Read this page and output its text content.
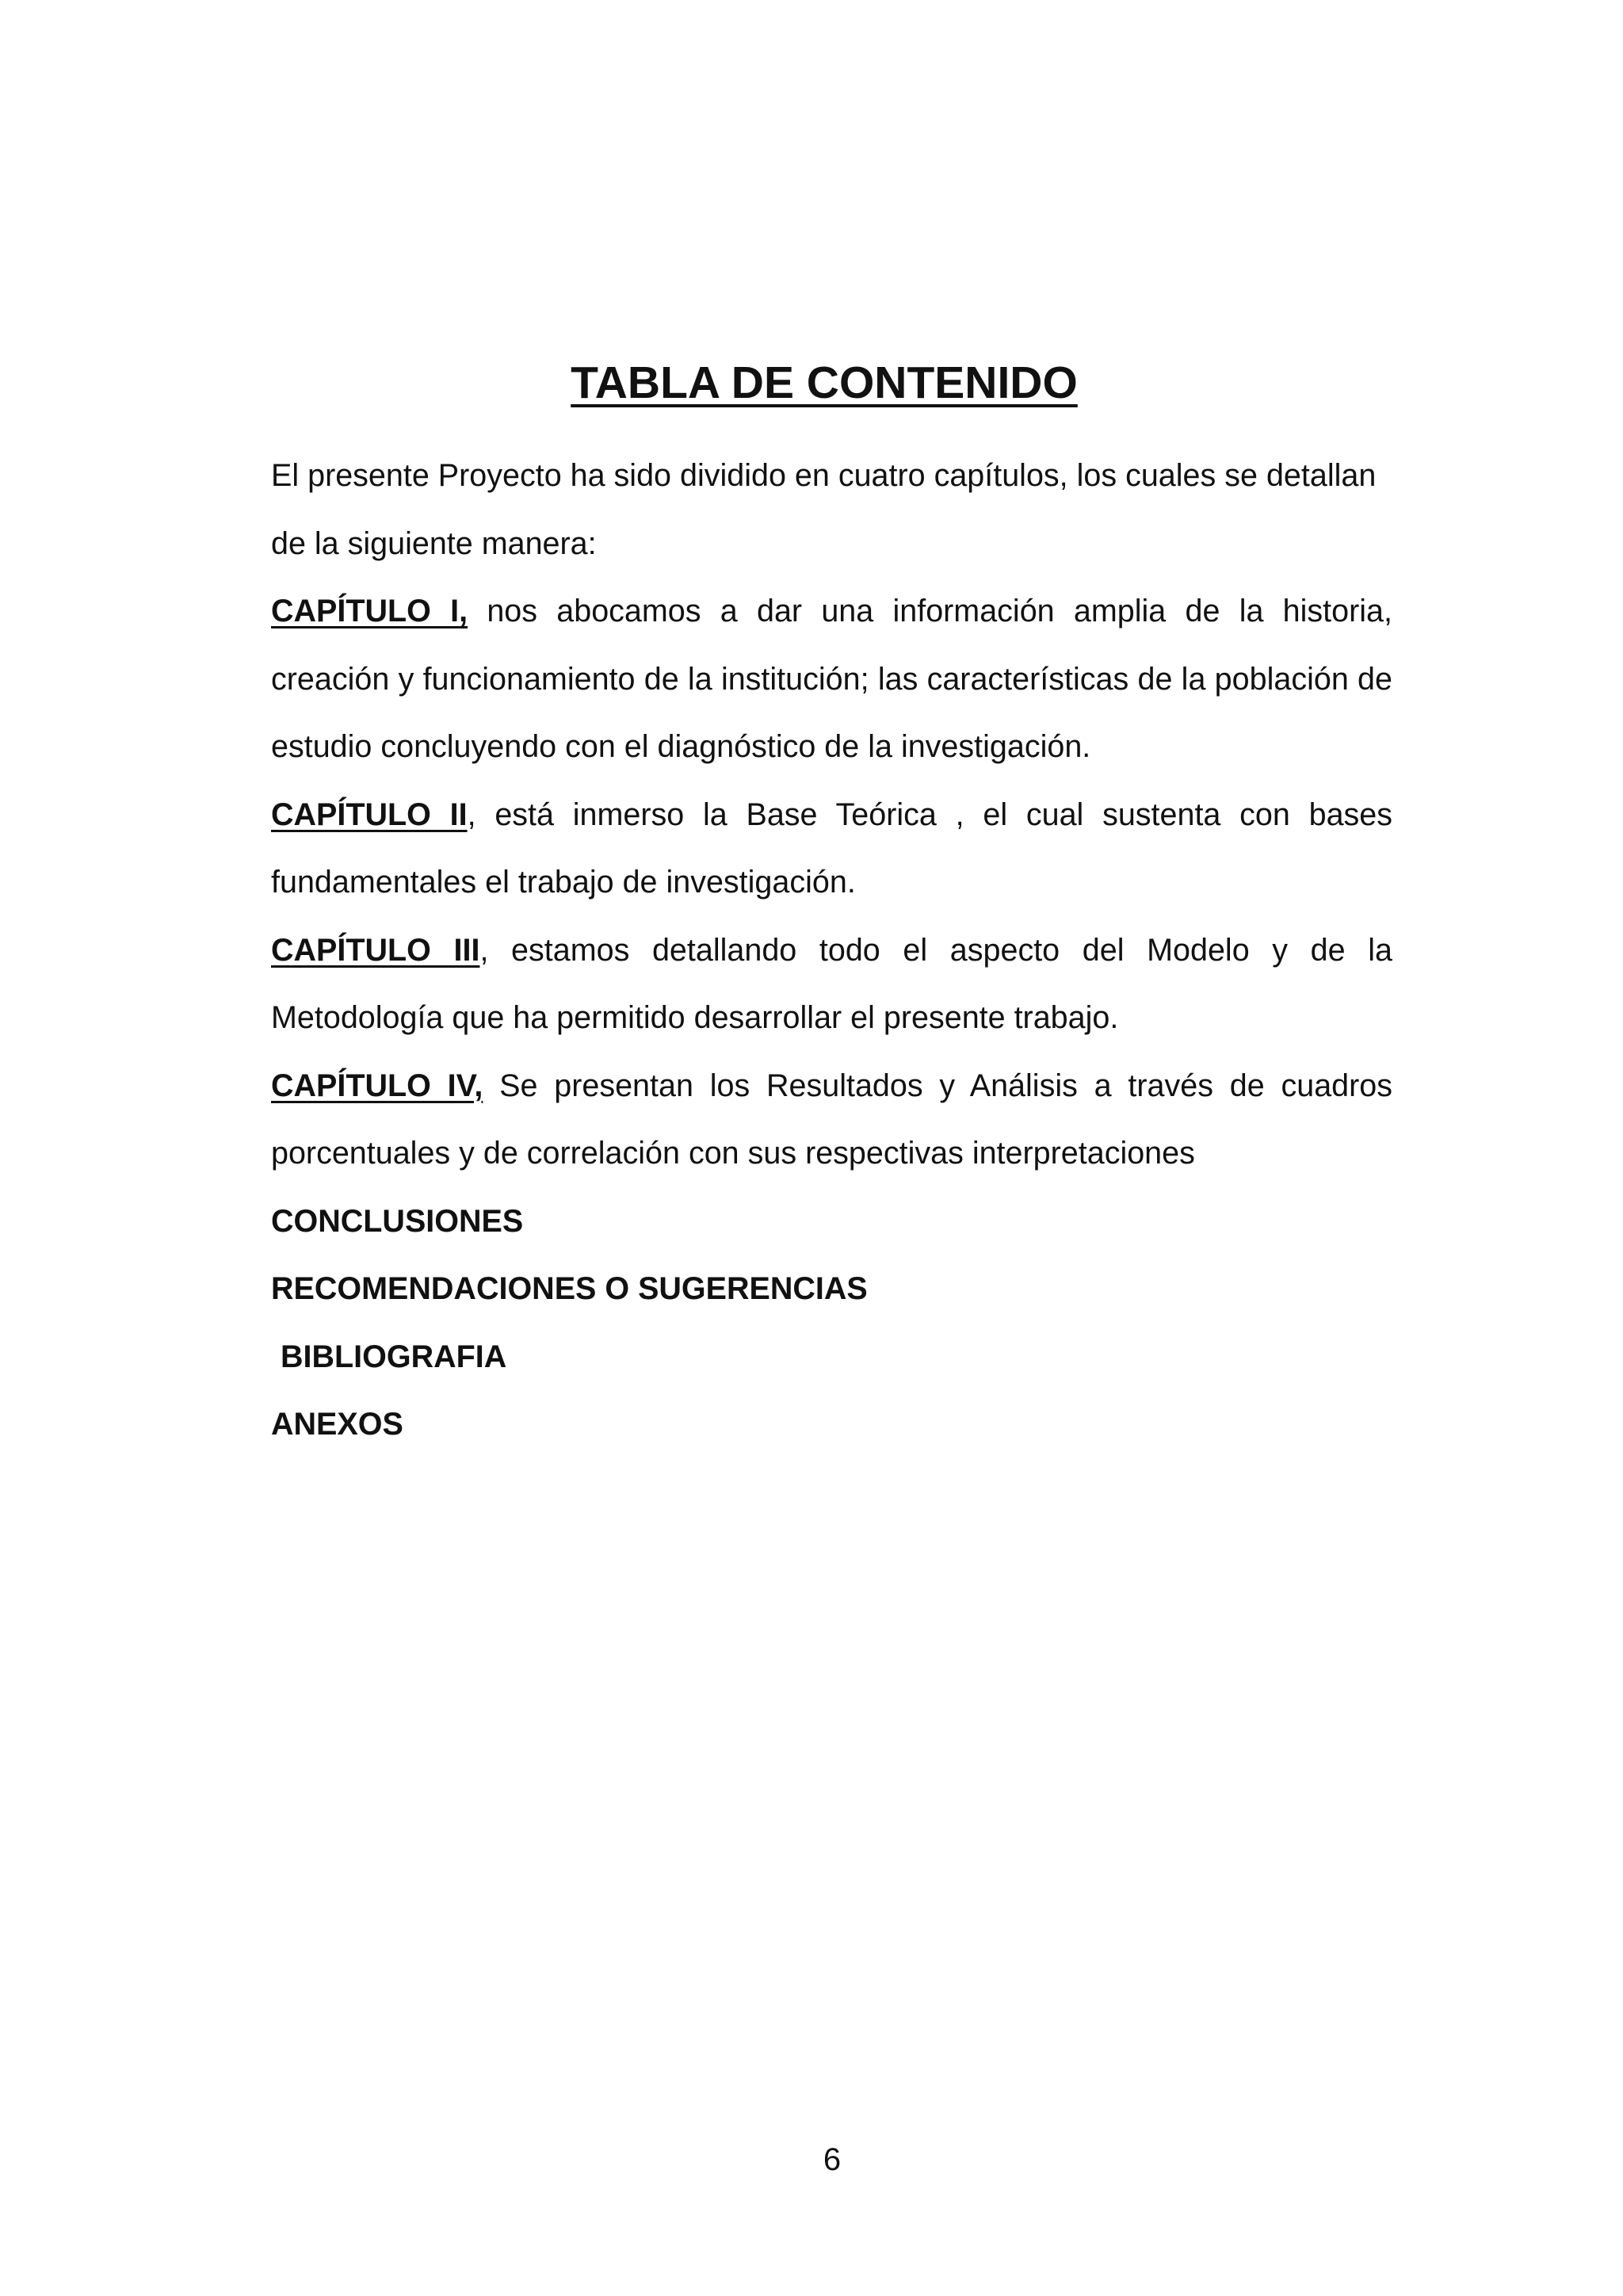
TABLA DE CONTENIDO

El presente Proyecto ha sido dividido en cuatro capítulos, los cuales se detallan de la siguiente manera:

CAPÍTULO I, nos abocamos a dar una información amplia de la historia, creación y funcionamiento de la institución; las características de la población de estudio concluyendo con el diagnóstico de la investigación.

CAPÍTULO II, está inmerso la Base Teórica , el cual sustenta con bases fundamentales el trabajo de investigación.

CAPÍTULO III, estamos detallando todo el aspecto del Modelo y de la Metodología que ha permitido desarrollar el presente trabajo.

CAPÍTULO IV, Se presentan los Resultados y Análisis a través de cuadros porcentuales y de correlación con sus respectivas interpretaciones

CONCLUSIONES

RECOMENDACIONES O SUGERENCIAS

BIBLIOGRAFIA

ANEXOS

6
